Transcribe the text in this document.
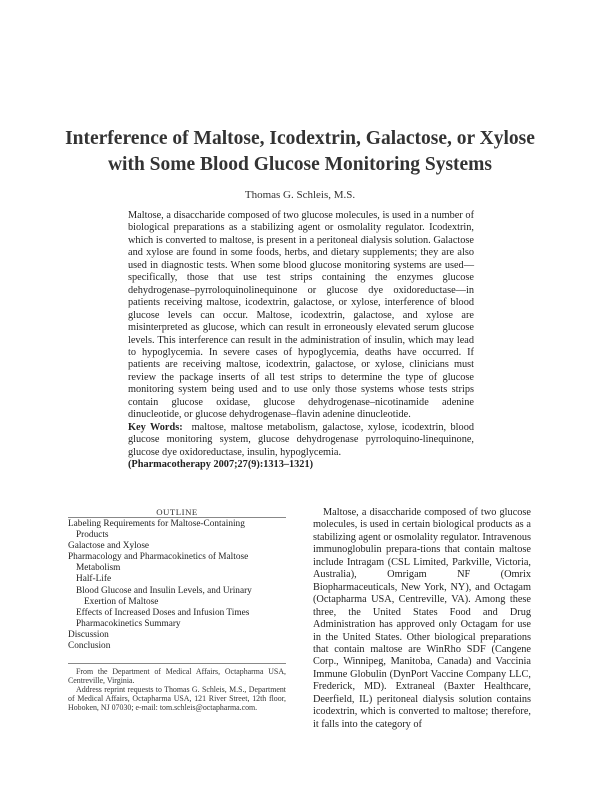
Interference of Maltose, Icodextrin, Galactose, or Xylose
with Some Blood Glucose Monitoring Systems
Thomas G. Schleis, M.S.

Maltose, a disaccharide composed of two glucose molecules, is used in a number of biological preparations as a stabilizing agent or osmolality regulator. Icodextrin, which is converted to maltose, is present in a peritoneal dialysis solution. Galactose and xylose are found in some foods, herbs, and dietary supplements; they are also used in diagnostic tests. When some blood glucose monitoring systems are used—specifically, those that use test strips containing the enzymes glucose dehydrogenase–pyrroloquinolinequinone or glucose dye oxidoreductase—in patients receiving maltose, icodextrin, galactose, or xylose, interference of blood glucose levels can occur. Maltose, icodextrin, galactose, and xylose are misinterpreted as glucose, which can result in erroneously elevated serum glucose levels. This interference can result in the administration of insulin, which may lead to hypoglycemia. In severe cases of hypoglycemia, deaths have occurred. If patients are receiving maltose, icodextrin, galactose, or xylose, clinicians must review the package inserts of all test strips to determine the type of glucose monitoring system being used and to use only those systems whose tests strips contain glucose oxidase, glucose dehydrogenase–nicotinamide adenine dinucleotide, or glucose dehydrogenase–flavin adenine dinucleotide.

Key Words: maltose, maltose metabolism, galactose, xylose, icodextrin, blood glucose monitoring system, glucose dehydrogenase pyrroloquino-linequinone, glucose dye oxidoreductase, insulin, hypoglycemia.

(Pharmacotherapy 2007;27(9):1313–1321)

OUTLINE
Labeling Requirements for Maltose-Containing
Products
Galactose and Xylose
Pharmacology and Pharmacokinetics of Maltose
Metabolism
Half-Life
Blood Glucose and Insulin Levels, and Urinary
Exertion of Maltose
Effects of Increased Doses and Infusion Times
Pharmacokinetics Summary
Discussion
Conclusion

From the Department of Medical Affairs, Octapharma USA, Centreville, Virginia.

Address reprint requests to Thomas G. Schleis, M.S., Department of Medical Affairs, Octapharma USA, 121 River Street, 12th floor, Hoboken, NJ 07030; e-mail: tom.schleis@octapharma.com.

Maltose, a disaccharide composed of two glucose molecules, is used in certain biological products as a stabilizing agent or osmolality regulator. Intravenous immunoglobulin prepara-tions that contain maltose include Intragam (CSL Limited, Parkville, Victoria, Australia), Omrigam NF (Omrix Biopharmaceuticals, New York, NY), and Octagam (Octapharma USA, Centreville, VA). Among these three, the United States Food and Drug Administration has approved only Octagam for use in the United States. Other biological preparations that contain maltose are WinRho SDF (Cangene Corp., Winnipeg, Manitoba, Canada) and Vaccinia Immune Globulin (DynPort Vaccine Company LLC, Frederick, MD). Extraneal (Baxter Healthcare, Deerfield, IL) peritoneal dialysis solution contains icodextrin, which is converted to maltose; therefore, it falls into the category of
